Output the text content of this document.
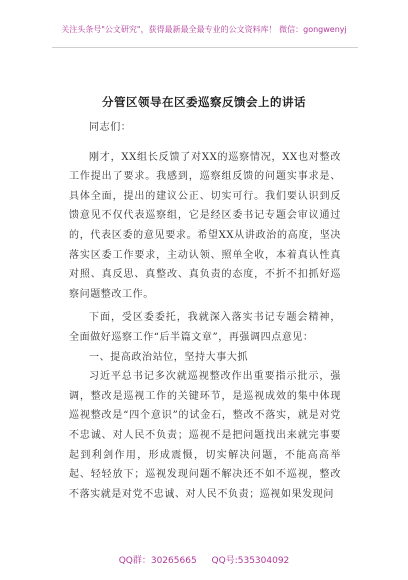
关注头条号"公文研究"，获得最新最全最专业的公文资料库！ 微信：gongwenyj
分管区领导在区委巡察反馈会上的讲话

同志们：

刚才，XX组长反馈了对XX的巡察情况，XX也对整改工作提出了要求。我感到，巡察组反馈的问题实事求是、具体全面，提出的建议公正、切实可行。我们要认识到反馈意见不仅代表巡察组，它是经区委书记专题会审议通过的，代表区委的意见要求。希望XX从讲政治的高度，坚决落实区委工作要求，主动认领、照单全收，本着真认性真对照、真反思、真整改、真负责的态度，不折不扣抓好巡察问题整改工作。

下面，受区委委托，我就深入落实书记专题会精神，全面做好巡察工作“后半篇文章”，再强调四点意见：

一、提高政治站位，坚持大事大抓

习近平总书记多次就巡视整改作出重要指示批示，强调，整改是巡视工作的关键环节，是巡视成效的集中体现巡视整改是“四个意识”的试金石，整改不落实，就是对党不忠诚、对人民不负责；巡视不是把问题找出来就完事要起到利剑作用，形成震慑，切实解决问题，不能高高举起、轻轻放下；巡视发现问题不解决还不如不巡视，整改不落实就是对党不忠诚、对人民不负责；巡视如果发现问

QQ群：30265665 QQ号:535304092
